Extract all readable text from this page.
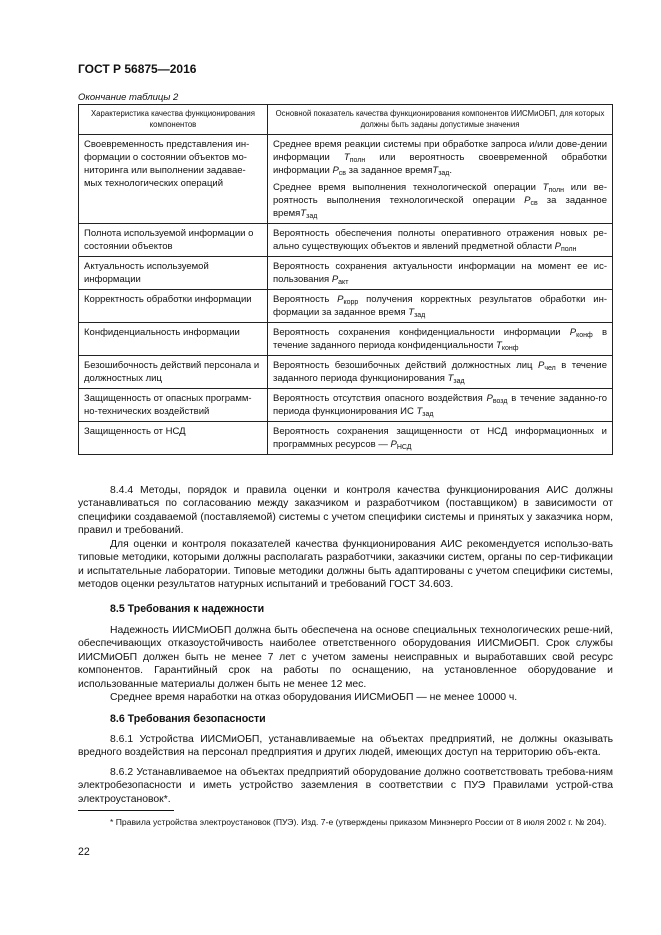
ГОСТ Р 56875—2016
Окончание таблицы 2
Характеристика качества функционирования компонентов	Основной показатель качества функционирования компонентов ИИСМиОБП, для которых должны быть заданы допустимые значения
Своевременность представления ин-формации о состоянии объектов мо-ниторинга или выполнении задавае-мых технологических операций	Среднее время реакции системы при обработке запроса и/или дове-дении информации $T_{полн}$ или вероятность своевременной обработки информации $P_{св}$ за заданное времяT$_{зад}$.
Среднее время выполнения технологической операции $T_{полн}$ или ве-роятность выполнения технологической операции $P_{св}$ за заданное времяT$_{зад}$

Полнота используемой информации о состоянии объектов	Вероятность обеспечения полноты оперативного отражения новых ре-ально существующих объектов и явлений предметной области $P_{полн}$
Актуальность используемой информации	Вероятность сохранения актуальности информации на момент ее ис-пользования $P_{акт}$
Корректность обработки информации	Вероятность $P_{корр}$ получения корректных результатов обработки ин-формации за заданное время $T_{зад}$
Конфиденциальность информации	Вероятность сохранения конфиденциальности информации $P_{конф}$ в течение заданного периода конфиденциальности $T_{конф}$
Безошибочность действий персонала и должностных лиц	Вероятность безошибочных действий должностных лиц $P_{чел}$ в течение заданного периода функционирования $T_{зад}$
Защищенность от опасных программ-но-технических воздействий	Вероятность отсутствия опасного воздействия $P_{возд}$ в течение заданно-го периода функционирования ИС $T_{зад}$
Защищенность от НСД	Вероятность сохранения защищенности от НСД информационных и программных ресурсов — $P_{НСД}$

8.4.4 Методы, порядок и правила оценки и контроля качества функционирования АИС должны устанавливаться по согласованию между заказчиком и разработчиком (поставщиком) в зависимости от специфики создаваемой (поставляемой) системы с учетом специфики системы и принятых у заказчика норм, правил и требований.

Для оценки и контроля показателей качества функционирования АИС рекомендуется использо-вать типовые методики, которыми должны располагать разработчики, заказчики систем, органы по сер-тификации и испытательные лаборатории. Типовые методики должны быть адаптированы с учетом специфики системы, методов оценки результатов натурных испытаний и требований ГОСТ 34.603.

8.5 Требования к надежности

Надежность ИИСМиОБП должна быть обеспечена на основе специальных технологических реше-ний, обеспечивающих отказоустойчивость наиболее ответственного оборудования ИИСМиОБП. Срок службы ИИСМиОБП должен быть не менее 7 лет с учетом замены неисправных и выработавших свой ресурс компонентов. Гарантийный срок на работы по оснащению, на установленное оборудование и использованные материалы должен быть не менее 12 мес.

Среднее время наработки на отказ оборудования ИИСМиОБП — не менее 10000 ч.

8.6 Требования безопасности

8.6.1 Устройства ИИСМиОБП, устанавливаемые на объектах предприятий, не должны оказывать вредного воздействия на персонал предприятия и других людей, имеющих доступ на территорию объ-екта.

8.6.2 Устанавливаемое на объектах предприятий оборудование должно соответствовать требова-ниям электробезопасности и иметь устройство заземления в соответствии с ПУЭ Правилами устрой-ства электроустановок*.

* Правила устройства электроустановок (ПУЭ). Изд. 7-е (утверждены приказом Минэнерго России от 8 июля 2002 г. № 204).

22
